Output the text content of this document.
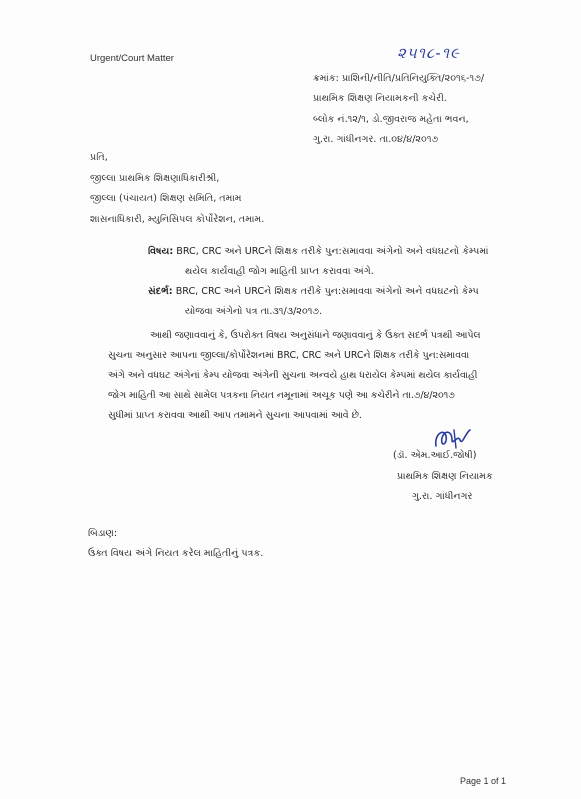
Urgent/Court Matter	૨૫૧૮-૧૯
ક્રમાંક: પ્રાશિની/નીતિ/પ્રતિનિયુક્તિ/૨૦૧૬-૧૭/
પ્રાથમિક શિક્ષણ નિયામકની કચેરી.
બ્લોક નં.૧૨/૧, ડો.જીવરાજ મહેતા ભવન,
ગુ.રા. ગાંધીનગર. તા.૦૪/૪/૨૦૧૭
પ્રતિ,
જીલ્લા પ્રાથમિક શિક્ષણાધિકારીશ્રી,
જીલ્લા (પંચાયત) શિક્ષણ સમિતિ, તમામ
શાસનાધિકારી, મ્યુનિસિપલ કોર્પોરેશન, તમામ.
વિષય: BRC, CRC અને URCને શિક્ષક તરીકે પુન:સમાવવા અંગેનો અને વધઘટનો કેમ્પમાં
થયેલ કાર્યવાહી જોગ માહિતી પ્રાપ્ત કરાવવા અંગે.
સંદર્ભ: BRC, CRC અને URCને શિક્ષક તરીકે પુન:સમાવવા અંગેનો અને વધઘટનો કેમ્પ
યોજવા અંગેનો પત્ર તા.૩૧/૩/૨૦૧૭.
આથી જણાવવાનું કે, ઉપરોક્ત વિષય અનુસંધાને જણાવવાનું કે ઉક્ત સદર્ભ પત્રથી આપેલ
સુચના અનુસાર આપના જીલ્લા/કોર્પોરેશનમાં BRC, CRC અને URCને શિક્ષક તરીકે પુન:સમાવવા
અંગે અને વધઘટ અંગેનાં કેમ્પ યોજવા અંગેની સુચના અન્વયે હાથ ધરાયેલ કેમ્પમાં થયેલ કાર્યવાહી
જોગ માહિતી આ સાથે સામેલ પત્રકના નિયત નમૂનામાં અચૂક પણે આ કચેરીને તા.૭/૪/૨૦૧૭
સુધીમાં પ્રાપ્ત કરાવવા આથી આપ તમામને સુચના આપવામાં આવે છે.
(ડૉ. એમ.આઈ.જોષી)
પ્રાથમિક શિક્ષણ નિયામક
ગુ.રા. ગાંધીનગર
બિડાણ:
ઉક્ત વિષય અંગે નિયત કરેલ માહિતીનું પત્રક.
Page 1 of 1
